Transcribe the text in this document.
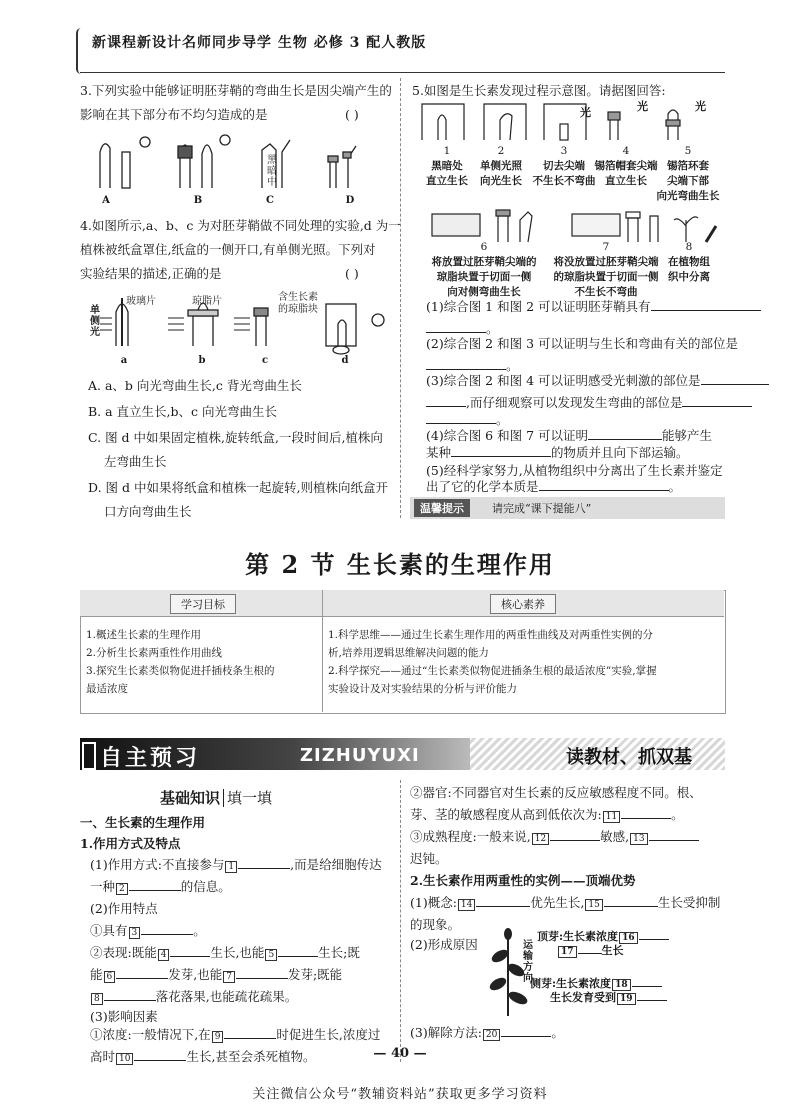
新课程新设计名师同步导学 生物 必修 3 配人教版
3.下列实验中能够证明胚芽鞘的弯曲生长是因尖端产生的
影响在其下部分布不均匀造成的是	( )
黑暗中
A	B	C	D
4.如图所示,a、b、c 为对胚芽鞘做不同处理的实验,d 为一
植株被纸盒罩住,纸盒的一侧开口,有单侧光照。下列对
实验结果的描述,正确的是	( )
单侧光
玻璃片	琼脂片	含生长素
的琼脂块
a	b	c	d
A. a、b 向光弯曲生长,c 背光弯曲生长
B. a 直立生长,b、c 向光弯曲生长
C. 图 d 中如果固定植株,旋转纸盒,一段时间后,植株向
左弯曲生长
D. 图 d 中如果将纸盒和植株一起旋转,则植株向纸盒开
口方向弯曲生长
5.如图是生长素发现过程示意图。请据图回答:
光	光	光
1
黑暗处
直立生长
2
单侧光照
向光生长
3
切去尖端
不生长不弯曲
4
锡箔帽套尖端
直立生长
5
锡箔环套
尖端下部
向光弯曲生长
6
将放置过胚芽鞘尖端的
琼脂块置于切面一侧
向对侧弯曲生长
7
将没放置过胚芽鞘尖端
的琼脂块置于切面一侧
不生长不弯曲
8
在植物组
织中分离
(1)综合图 1 和图 2 可以证明胚芽鞘具有
。
(2)综合图 2 和图 3 可以证明与生长和弯曲有关的部位是
。
(3)综合图 2 和图 4 可以证明感受光刺激的部位是
,而仔细观察可以发现发生弯曲的部位是
。
(4)综合图 6 和图 7 可以证明	能够产生
某种	的物质并且向下部运输。
(5)经科学家努力,从植物组织中分离出了生长素并鉴定
出了它的化学本质是	。
温馨提示	请完成“课下提能八”
第 2 节 生长素的生理作用
学习目标	核心素养
1.概述生长素的生理作用
2.分析生长素两重性作用曲线
3.探究生长素类似物促进扦插枝条生根的
最适浓度
1.科学思维——通过生长素生理作用的两重性曲线及对两重性实例的分
析,培养用逻辑思维解决问题的能力
2.科学探究——通过“生长素类似物促进插条生根的最适浓度”实验,掌握
实验设计及对实验结果的分析与评价能力
自主预习	ZIZHUYUXI	读教材、抓双基
基础知识 填一填
一、生长素的生理作用
1.作用方式及特点
(1)作用方式:不直接参与 1	,而是给细胞传达
一种 2	的信息。
(2)作用特点
①具有 3	。
②表现:既能 4	生长,也能 5	生长;既
能 6	发芽,也能 7	发芽;既能
8	落花落果,也能疏花疏果。
(3)影响因素
①浓度:一般情况下,在 9	时促进生长,浓度过
高时 10	生长,甚至会杀死植物。
②器官:不同器官对生长素的反应敏感程度不同。根、
芽、茎的敏感程度从高到低依次为: 11	。
③成熟程度:一般来说, 12	敏感, 13
迟钝。
2.生长素作用两重性的实例——顶端优势
(1)概念: 14	优先生长, 15	生长受抑制
的现象。
(2)形成原因	运输方向
顶芽:生长素浓度 16
17	生长
侧芽:生长素浓度 18
生长发育受到 19
(3)解除方法: 20	。
— 40 —
关注微信公众号“教辅资料站”获取更多学习资料
